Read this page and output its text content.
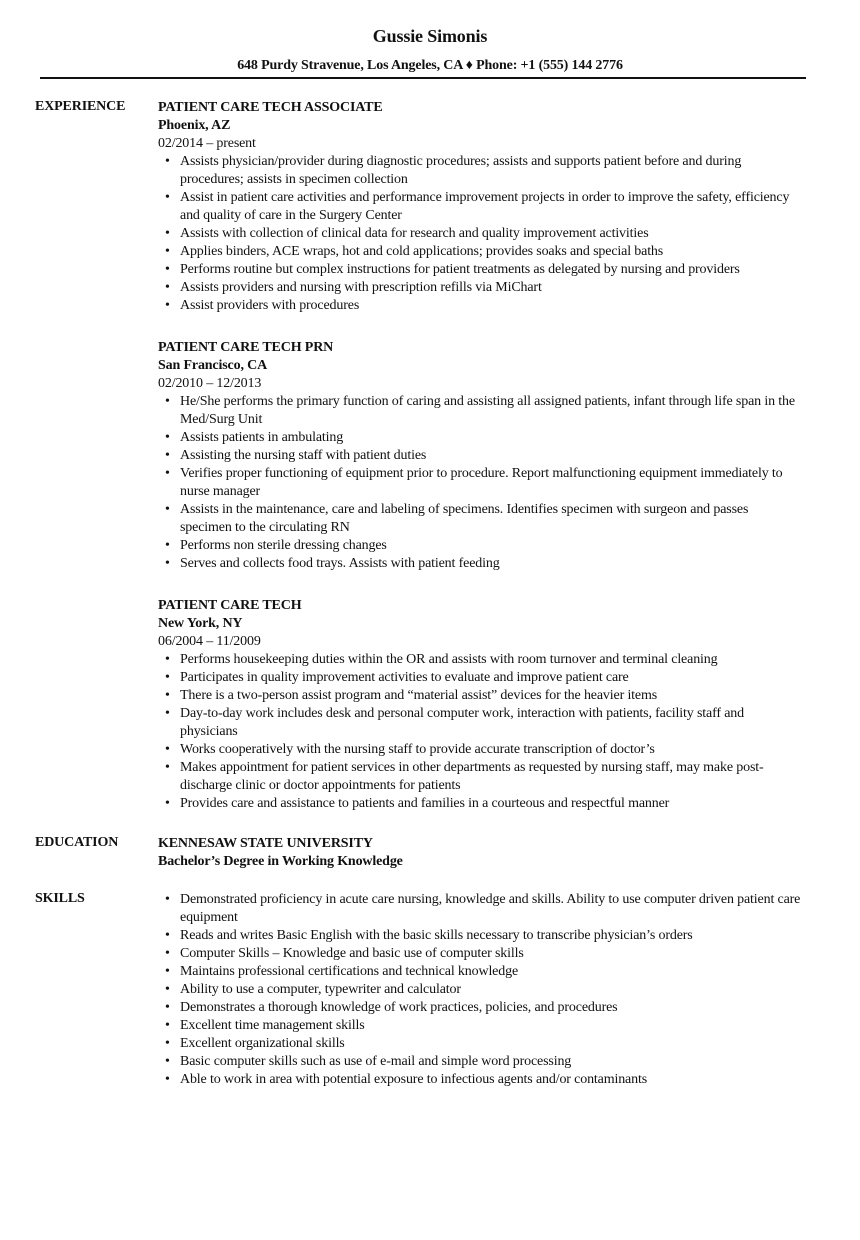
Gussie Simonis
648 Purdy Stravenue, Los Angeles, CA ♦ Phone: +1 (555) 144 2776
EXPERIENCE PATIENT CARE TECH ASSOCIATE
Phoenix, AZ
02/2014 – present
• Assists physician/provider during diagnostic procedures; assists and supports patient before and during procedures; assists in specimen collection
• Assist in patient care activities and performance improvement projects in order to improve the safety, efficiency and quality of care in the Surgery Center
• Assists with collection of clinical data for research and quality improvement activities
• Applies binders, ACE wraps, hot and cold applications; provides soaks and special baths
• Performs routine but complex instructions for patient treatments as delegated by nursing and providers
• Assists providers and nursing with prescription refills via MiChart
• Assist providers with procedures
PATIENT CARE TECH PRN
San Francisco, CA
02/2010 – 12/2013
• He/She performs the primary function of caring and assisting all assigned patients, infant through life span in the Med/Surg Unit
• Assists patients in ambulating
• Assisting the nursing staff with patient duties
• Verifies proper functioning of equipment prior to procedure. Report malfunctioning equipment immediately to nurse manager
• Assists in the maintenance, care and labeling of specimens. Identifies specimen with surgeon and passes specimen to the circulating RN
• Performs non sterile dressing changes
• Serves and collects food trays. Assists with patient feeding
PATIENT CARE TECH
New York, NY
06/2004 – 11/2009
• Performs housekeeping duties within the OR and assists with room turnover and terminal cleaning
• Participates in quality improvement activities to evaluate and improve patient care
• There is a two-person assist program and “material assist” devices for the heavier items
• Day-to-day work includes desk and personal computer work, interaction with patients, facility staff and physicians
• Works cooperatively with the nursing staff to provide accurate transcription of doctor’s
• Makes appointment for patient services in other departments as requested by nursing staff, may make post-discharge clinic or doctor appointments for patients
• Provides care and assistance to patients and families in a courteous and respectful manner
EDUCATION	KENNESAW STATE UNIVERSITY
Bachelor’s Degree in Working Knowledge
SKILLS	• Demonstrated proficiency in acute care nursing, knowledge and skills. Ability to use computer driven patient care equipment
• Reads and writes Basic English with the basic skills necessary to transcribe physician’s orders
• Computer Skills – Knowledge and basic use of computer skills
• Maintains professional certifications and technical knowledge
• Ability to use a computer, typewriter and calculator
• Demonstrates a thorough knowledge of work practices, policies, and procedures
• Excellent time management skills
• Excellent organizational skills
• Basic computer skills such as use of e-mail and simple word processing
• Able to work in area with potential exposure to infectious agents and/or contaminants
